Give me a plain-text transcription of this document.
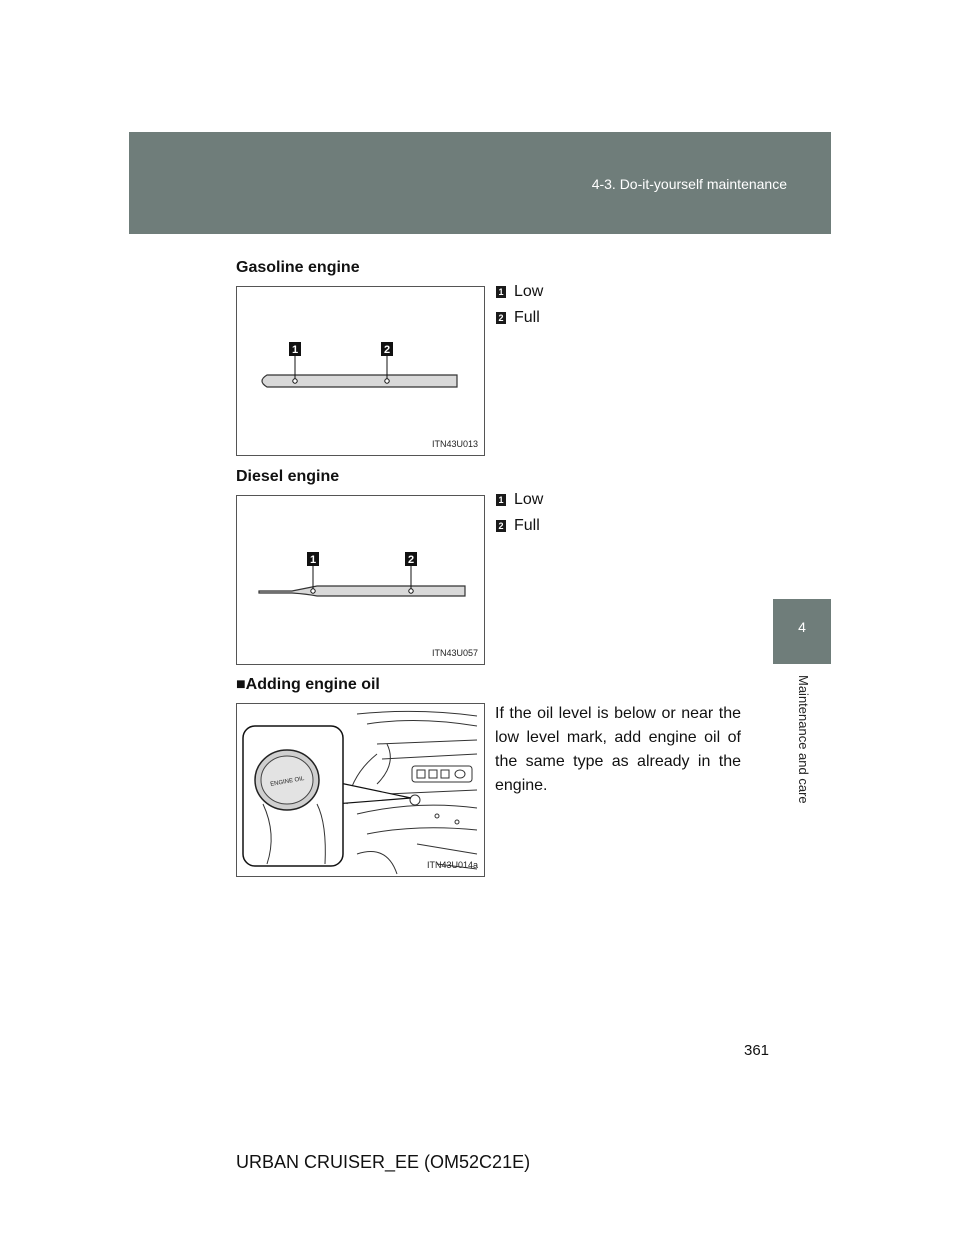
4-3. Do-it-yourself maintenance
4
Maintenance and care
Gasoline engine
1	2
ITN43U013
1 Low
2 Full
Diesel engine
1	2
ITN43U057
1 Low
2 Full
■Adding engine oil
ENGINE OIL
ITN43U014a
If the oil level is below or near the low level mark, add engine oil of the same type as already in the engine.
361
URBAN CRUISER_EE (OM52C21E)
